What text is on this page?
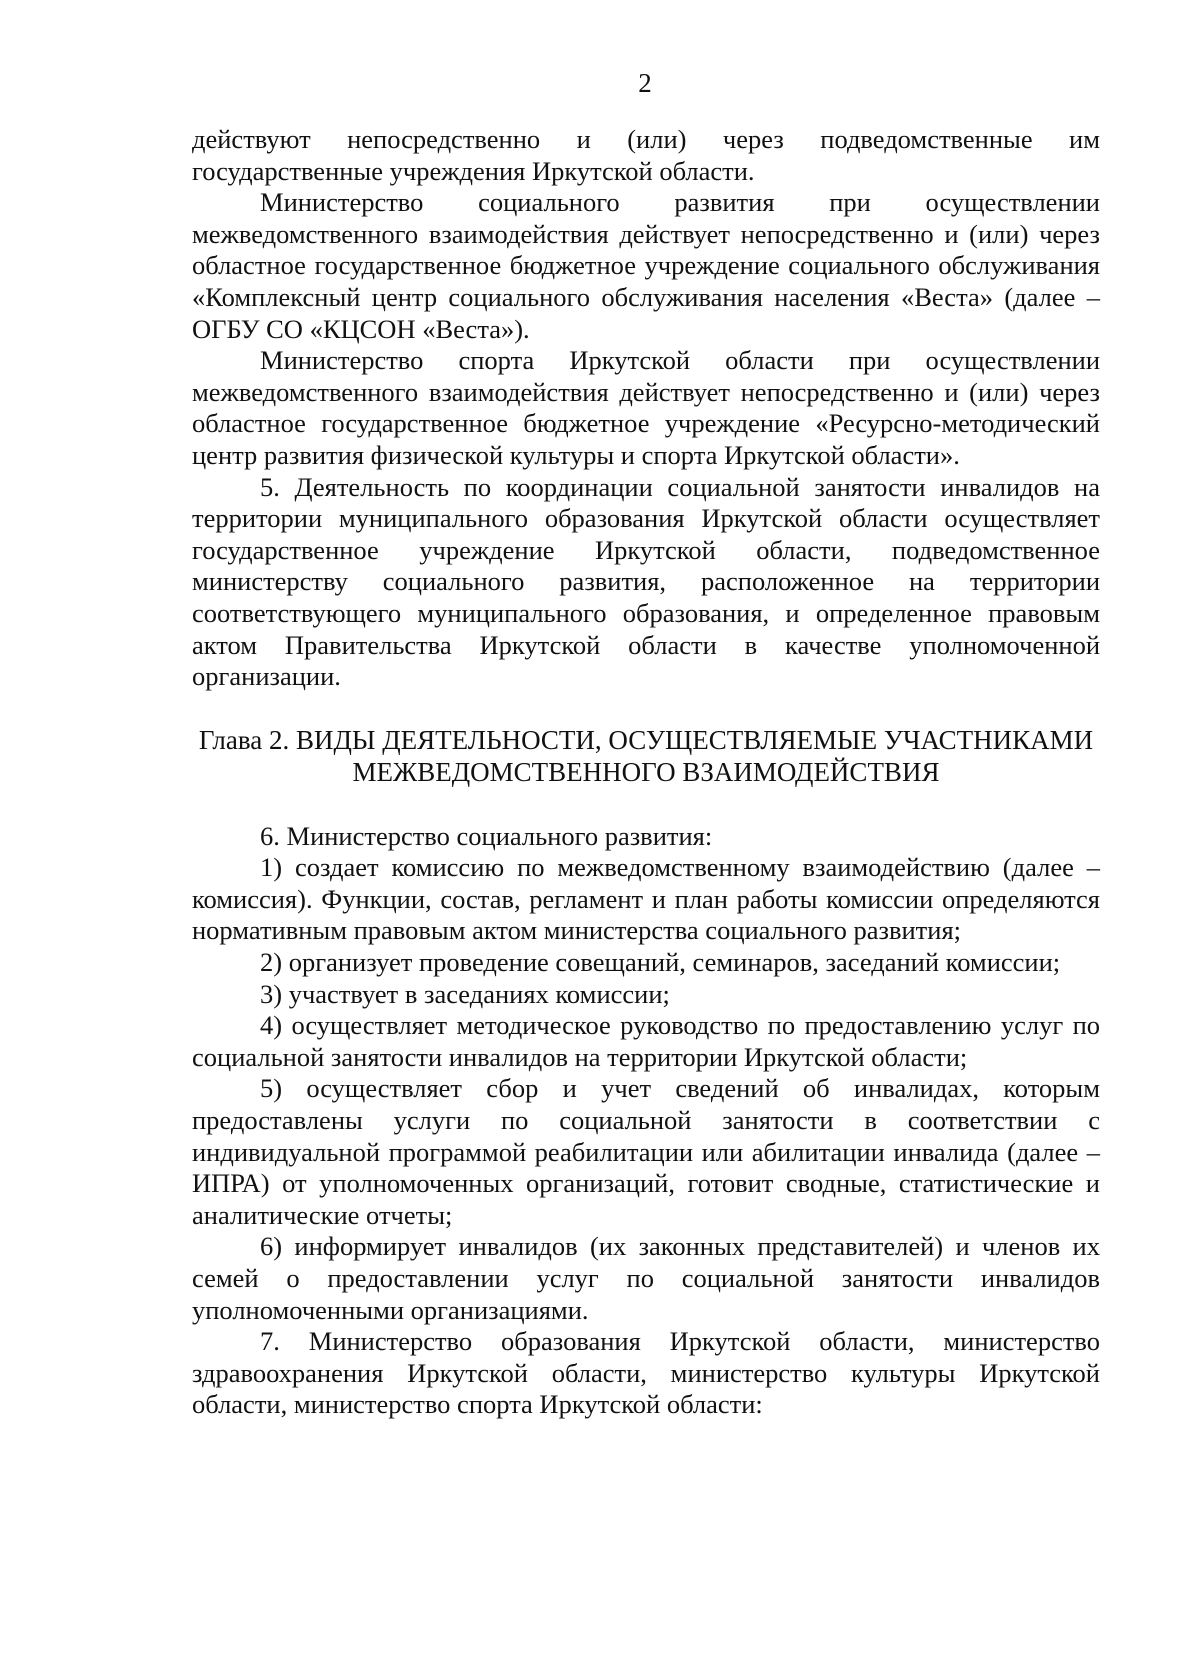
2

действуют непосредственно и (или) через подведомственные им государственные учреждения Иркутской области.

Министерство социального развития при осуществлении межведомственного взаимодействия действует непосредственно и (или) через областное государственное бюджетное учреждение социального обслуживания «Комплексный центр социального обслуживания населения «Веста» (далее – ОГБУ СО «КЦСОН «Веста»).

Министерство спорта Иркутской области при осуществлении межведомственного взаимодействия действует непосредственно и (или) через областное государственное бюджетное учреждение «Ресурсно-методический центр развития физической культуры и спорта Иркутской области».

5. Деятельность по координации социальной занятости инвалидов на территории муниципального образования Иркутской области осуществляет государственное учреждение Иркутской области, подведомственное министерству социального развития, расположенное на территории соответствующего муниципального образования, и определенное правовым актом Правительства Иркутской области в качестве уполномоченной организации.

Глава 2. ВИДЫ ДЕЯТЕЛЬНОСТИ, ОСУЩЕСТВЛЯЕМЫЕ УЧАСТНИКАМИ
МЕЖВЕДОМСТВЕННОГО ВЗАИМОДЕЙСТВИЯ

6. Министерство социального развития:

1) создает комиссию по межведомственному взаимодействию (далее – комиссия). Функции, состав, регламент и план работы комиссии определяются нормативным правовым актом министерства социального развития;

2) организует проведение совещаний, семинаров, заседаний комиссии;

3) участвует в заседаниях комиссии;

4) осуществляет методическое руководство по предоставлению услуг по социальной занятости инвалидов на территории Иркутской области;

5) осуществляет сбор и учет сведений об инвалидах, которым предоставлены услуги по социальной занятости в соответствии с индивидуальной программой реабилитации или абилитации инвалида (далее – ИПРА) от уполномоченных организаций, готовит сводные, статистические и аналитические отчеты;

6) информирует инвалидов (их законных представителей) и членов их семей о предоставлении услуг по социальной занятости инвалидов уполномоченными организациями.

7. Министерство образования Иркутской области, министерство здравоохранения Иркутской области, министерство культуры Иркутской области, министерство спорта Иркутской области:
